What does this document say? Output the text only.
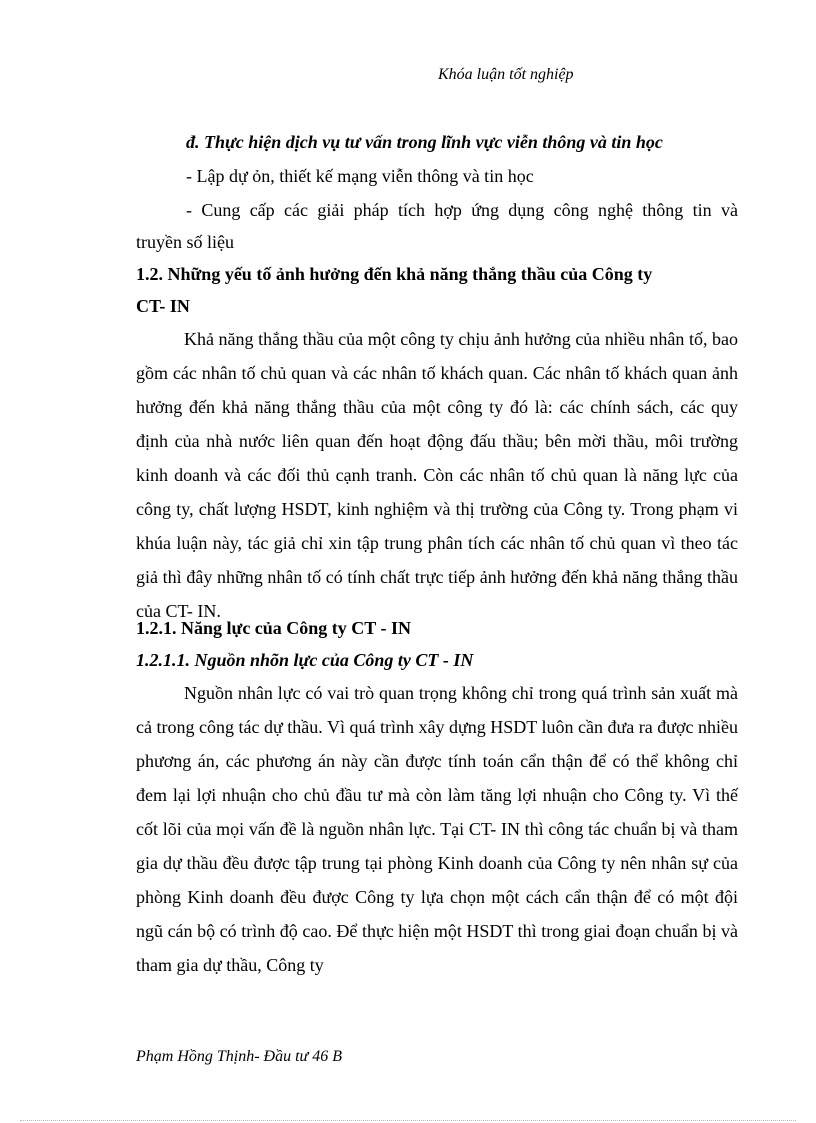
Khóa luận tốt nghiệp
đ. Thực hiện dịch vụ tư vấn trong lĩnh vực viễn thông và tin học
- Lập dự ỏn, thiết kế mạng viễn thông và tin học
- Cung cấp các giải pháp tích hợp ứng dụng công nghệ thông tin và
truyền số liệu
1.2. Những yếu tố ảnh hưởng đến khả năng thắng thầu của Công ty
CT- IN
Khả năng thắng thầu của một công ty chịu ảnh hưởng của nhiều nhân tố, bao gồm các nhân tố chủ quan và các nhân tố khách quan. Các nhân tố khách quan ảnh hưởng đến khả năng thắng thầu của một công ty đó là: các chính sách, các quy định của nhà nước liên quan đến hoạt động đấu thầu; bên mời thầu, môi trường kinh doanh và các đối thủ cạnh tranh. Còn các nhân tố chủ quan là năng lực của công ty, chất lượng HSDT, kinh nghiệm và thị trường của Công ty. Trong phạm vi khúa luận này, tác giả chỉ xin tập trung phân tích các nhân tố chủ quan vì theo tác giả thì đây những nhân tố có tính chất trực tiếp ảnh hưởng đến khả năng thắng thầu của CT- IN.
1.2.1. Năng lực của Công ty CT - IN
1.2.1.1. Nguồn nhõn lực của Công ty CT - IN
Nguồn nhân lực có vai trò quan trọng không chỉ trong quá trình sản xuất mà cả trong công tác dự thầu. Vì quá trình xây dựng HSDT luôn cần đưa ra được nhiều phương án, các phương án này cần được tính toán cẩn thận để có thể không chỉ đem lại lợi nhuận cho chủ đầu tư mà còn làm tăng lợi nhuận cho Công ty. Vì thế cốt lõi của mọi vấn đề là nguồn nhân lực. Tại CT- IN thì công tác chuẩn bị và tham gia dự thầu đều được tập trung tại phòng Kinh doanh của Công ty nên nhân sự của phòng Kinh doanh đều được Công ty lựa chọn một cách cẩn thận để có một đội ngũ cán bộ có trình độ cao. Để thực hiện một HSDT thì trong giai đoạn chuẩn bị và tham gia dự thầu, Công ty
Phạm Hồng Thịnh- Đầu tư 46 B
